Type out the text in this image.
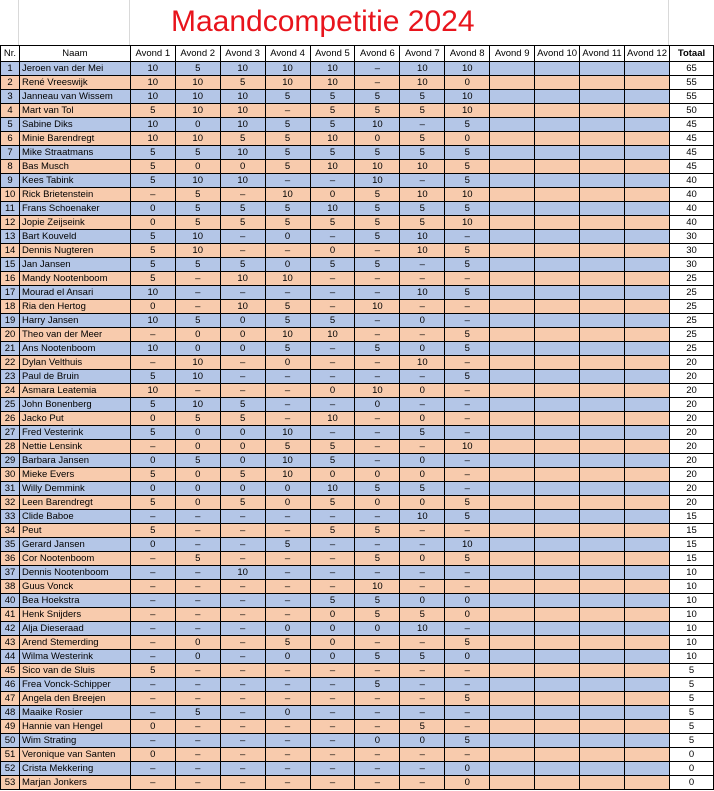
Maandcompetitie 2024
Nr.	Naam	Avond 1	Avond 2	Avond 3	Avond 4	Avond 5	Avond 6	Avond 7	Avond 8	Avond 9	Avond 10	Avond 11	Avond 12	Totaal
1	Jeroen van der Mei	10	5	10	10	10	–	10	10					65
2	René Vreeswijk	10	10	5	10	10	–	10	0					55
3	Janneau van Wissem	10	10	10	5	5	5	5	10					55
4	Mart van Tol	5	10	10	–	5	5	5	10					50
5	Sabine Diks	10	0	10	5	5	10	–	5					45
6	Minie Barendregt	10	10	5	5	10	0	5	0					45
7	Mike Straatmans	5	5	10	5	5	5	5	5					45
8	Bas Musch	5	0	0	5	10	10	10	5					45
9	Kees Tabink	5	10	10	–	–	10	–	5					40
10	Rick Brietenstein	–	5	–	10	0	5	10	10					40
11	Frans Schoenaker	0	5	5	5	10	5	5	5					40
12	Jopie Zeijseink	0	5	5	5	5	5	5	10					40
13	Bart Kouveld	5	10	–	0	–	5	10	–					30
14	Dennis Nugteren	5	10	–	–	0	–	10	5					30
15	Jan Jansen	5	5	5	0	5	5	–	5					30
16	Mandy Nootenboom	5	–	10	10	–	–	–	–					25
17	Mourad el Ansari	10	–	–	–	–	–	10	5					25
18	Ria den Hertog	0	–	10	5	–	10	–	–					25
19	Harry Jansen	10	5	0	5	5	–	0	–					25
20	Theo van der Meer	–	0	0	10	10	–	–	5					25
21	Ans Nootenboom	10	0	0	5	–	5	0	5					25
22	Dylan Velthuis	–	10	–	0	–	–	10	–					20
23	Paul de Bruin	5	10	–	–	–	–	–	5					20
24	Asmara Leatemia	10	–	–	–	0	10	0	–					20
25	John Bonenberg	5	10	5	–	–	0	–	–					20
26	Jacko Put	0	5	5	–	10	–	0	–					20
27	Fred Vesterink	5	0	0	10	–	–	5	–					20
28	Nettie Lensink	–	0	0	5	5	–	–	10					20
29	Barbara Jansen	0	5	0	10	5	–	0	–					20
30	Mieke Evers	5	0	5	10	0	0	0	–					20
31	Willy Demmink	0	0	0	0	10	5	5	–					20
32	Leen Barendregt	5	0	5	0	5	0	0	5					20
33	Clide Baboe	–	–	–	–	–	–	10	5					15
34	Peut	5	–	–	–	5	5	–	–					15
35	Gerard Jansen	0	–	–	5	–	–	–	10					15
36	Cor Nootenboom	–	5	–	–	–	5	0	5					15
37	Dennis Nootenboom	–	–	10	–	–	–	–	–					10
38	Guus Vonck	–	–	–	–	–	10	–	–					10
40	Bea Hoekstra	–	–	–	–	5	5	0	0					10
41	Henk Snijders	–	–	–	–	0	5	5	0					10
42	Alja Dieseraad	–	–	–	0	0	0	10	–					10
43	Arend Stemerding	–	0	–	5	0	–	–	5					10
44	Wilma Westerink	–	0	–	0	0	5	5	0					10
45	Sico van de Sluis	5	–	–	–	–	–	–	–					5
46	Frea Vonck-Schipper	–	–	–	–	–	5	–	–					5
47	Angela den Breejen	–	–	–	–	–	–	–	5					5
48	Maaike Rosier	–	5	–	0	–	–	–	–					5
49	Hannie van Hengel	0	–	–	–	–	–	5	–					5
50	Wim Strating	–	–	–	–	–	0	0	5					5
51	Veronique van Santen	0	–	–	–	–	–	–	–					0
52	Crista Mekkering	–	–	–	–	–	–	–	0					0
53	Marjan Jonkers	–	–	–	–	–	–	–	0					0
